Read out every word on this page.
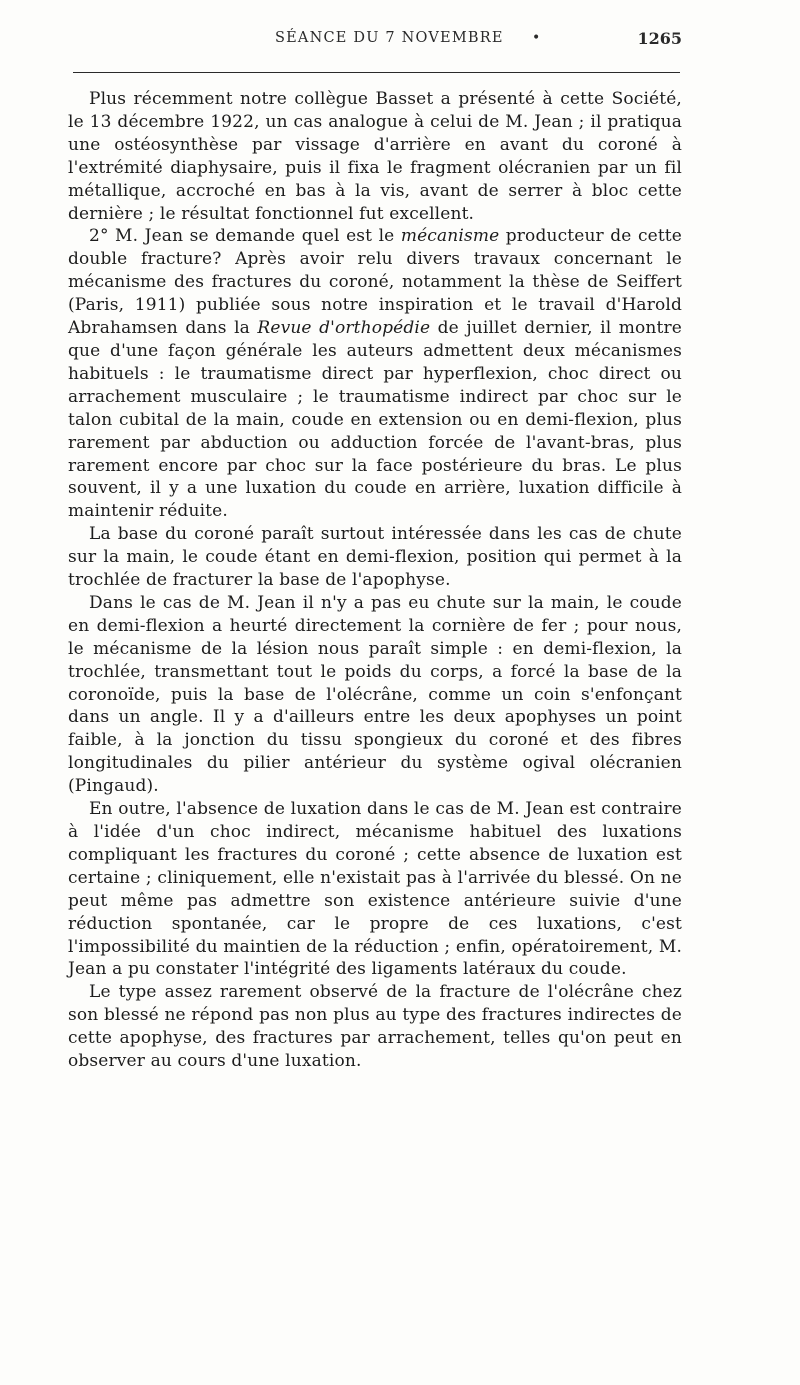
SÉANCE DU 7 NOVEMBRE •	1265

Plus récemment notre collègue Basset a présenté à cette Société, le 13 décembre 1922, un cas analogue à celui de M. Jean ; il pratiqua une ostéosynthèse par vissage d'arrière en avant du coroné à l'extrémité diaphysaire, puis il fixa le fragment olécranien par un fil métallique, accroché en bas à la vis, avant de serrer à bloc cette dernière ; le résultat fonctionnel fut excellent.

2° M. Jean se demande quel est le mécanisme producteur de cette double fracture? Après avoir relu divers travaux concernant le mécanisme des fractures du coroné, notamment la thèse de Seiffert (Paris, 1911) publiée sous notre inspiration et le travail d'Harold Abrahamsen dans la Revue d'orthopédie de juillet dernier, il montre que d'une façon générale les auteurs admettent deux mécanismes habituels : le traumatisme direct par hyperflexion, choc direct ou arrachement musculaire ; le traumatisme indirect par choc sur le talon cubital de la main, coude en extension ou en demi-flexion, plus rarement par abduction ou adduction forcée de l'avant-bras, plus rarement encore par choc sur la face postérieure du bras. Le plus souvent, il y a une luxation du coude en arrière, luxation difficile à maintenir réduite.

La base du coroné paraît surtout intéressée dans les cas de chute sur la main, le coude étant en demi-flexion, position qui permet à la trochlée de fracturer la base de l'apophyse.

Dans le cas de M. Jean il n'y a pas eu chute sur la main, le coude en demi-flexion a heurté directement la cornière de fer ; pour nous, le mécanisme de la lésion nous paraît simple : en demi-flexion, la trochlée, transmettant tout le poids du corps, a forcé la base de la coronoïde, puis la base de l'olécrâne, comme un coin s'enfonçant dans un angle. Il y a d'ailleurs entre les deux apophyses un point faible, à la jonction du tissu spongieux du coroné et des fibres longitudinales du pilier antérieur du système ogival olécranien (Pingaud).

En outre, l'absence de luxation dans le cas de M. Jean est contraire à l'idée d'un choc indirect, mécanisme habituel des luxations compliquant les fractures du coroné ; cette absence de luxation est certaine ; cliniquement, elle n'existait pas à l'arrivée du blessé. On ne peut même pas admettre son existence antérieure suivie d'une réduction spontanée, car le propre de ces luxations, c'est l'impossibilité du maintien de la réduction ; enfin, opératoirement, M. Jean a pu constater l'intégrité des ligaments latéraux du coude.

Le type assez rarement observé de la fracture de l'olécrâne chez son blessé ne répond pas non plus au type des fractures indirectes de cette apophyse, des fractures par arrachement, telles qu'on peut en observer au cours d'une luxation.
